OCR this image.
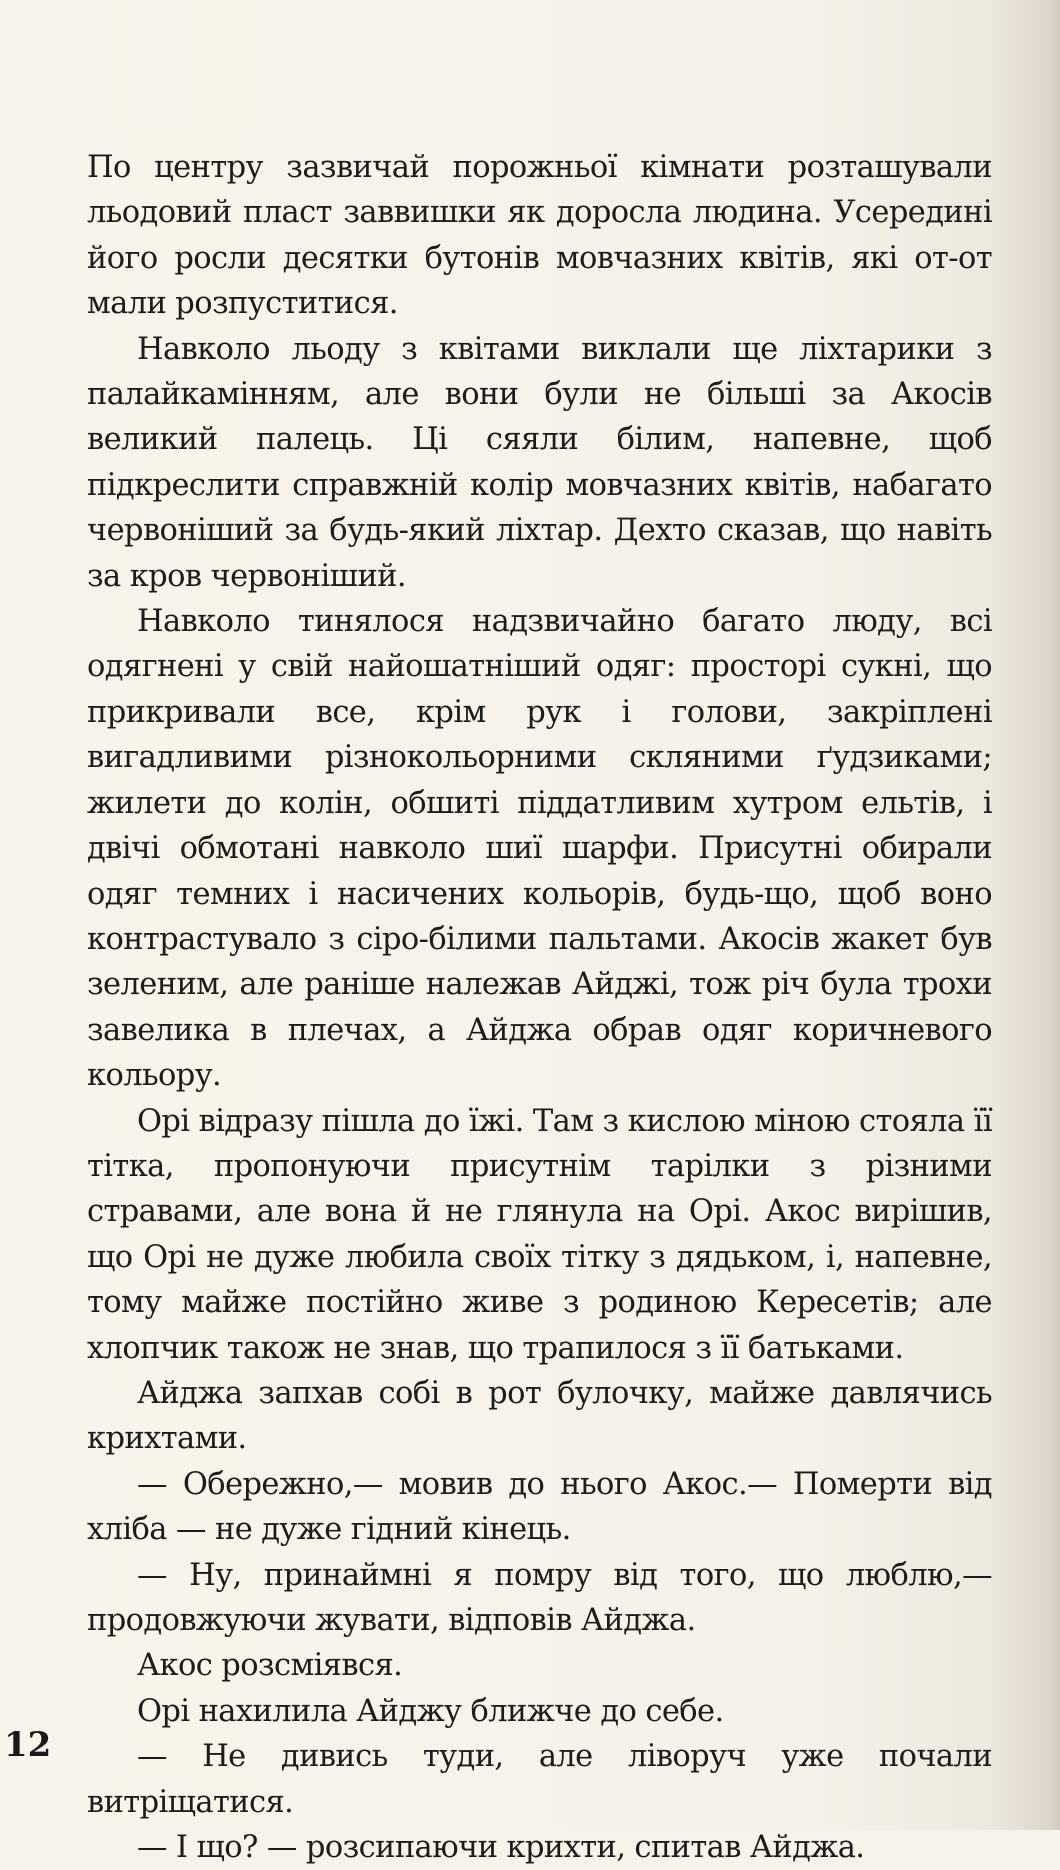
По центру зазвичай порожньої кімнати розташували льодовий пласт заввишки як доросла людина. Усередині його росли десятки бутонів мовчазних квітів, які от-от мали розпуститися.

Навколо льоду з квітами виклали ще ліхтарики з палайкамінням, але вони були не більші за Акосів великий палець. Ці сяяли білим, напевне, щоб підкреслити справжній колір мовчазних квітів, набагато червоніший за будь-який ліхтар. Дехто сказав, що навіть за кров червоніший.

Навколо тинялося надзвичайно багато люду, всі одягнені у свій найошатніший одяг: просторі сукні, що прикривали все, крім рук і голови, закріплені вигадливими різнокольорними скляними ґудзиками; жилети до колін, обшиті піддатливим хутром ельтів, і двічі обмотані навколо шиї шарфи. Присутні обирали одяг темних і насичених кольорів, будь-що, щоб воно контрастувало з сіро-білими пальтами. Акосів жакет був зеленим, але раніше належав Айджі, тож річ була трохи завелика в плечах, а Айджа обрав одяг коричневого кольору.

Орі відразу пішла до їжі. Там з кислою міною стояла її тітка, пропонуючи присутнім тарілки з різними стравами, але вона й не глянула на Орі. Акос вирішив, що Орі не дуже любила своїх тітку з дядьком, і, напевне, тому майже постійно живе з родиною Кересетів; але хлопчик також не знав, що трапилося з її батьками.

Айджа запхав собі в рот булочку, майже давлячись крихтами.

— Обережно,— мовив до нього Акос.— Померти від хліба — не дуже гідний кінець.

— Ну, принаймні я помру від того, що люблю,— продовжуючи жувати, відповів Айджа.

Акос розсміявся.

Орі нахилила Айджу ближче до себе.

— Не дивись туди, але ліворуч уже почали витріщатися.

— І що? — розсипаючи крихти, спитав Айджа.

12
